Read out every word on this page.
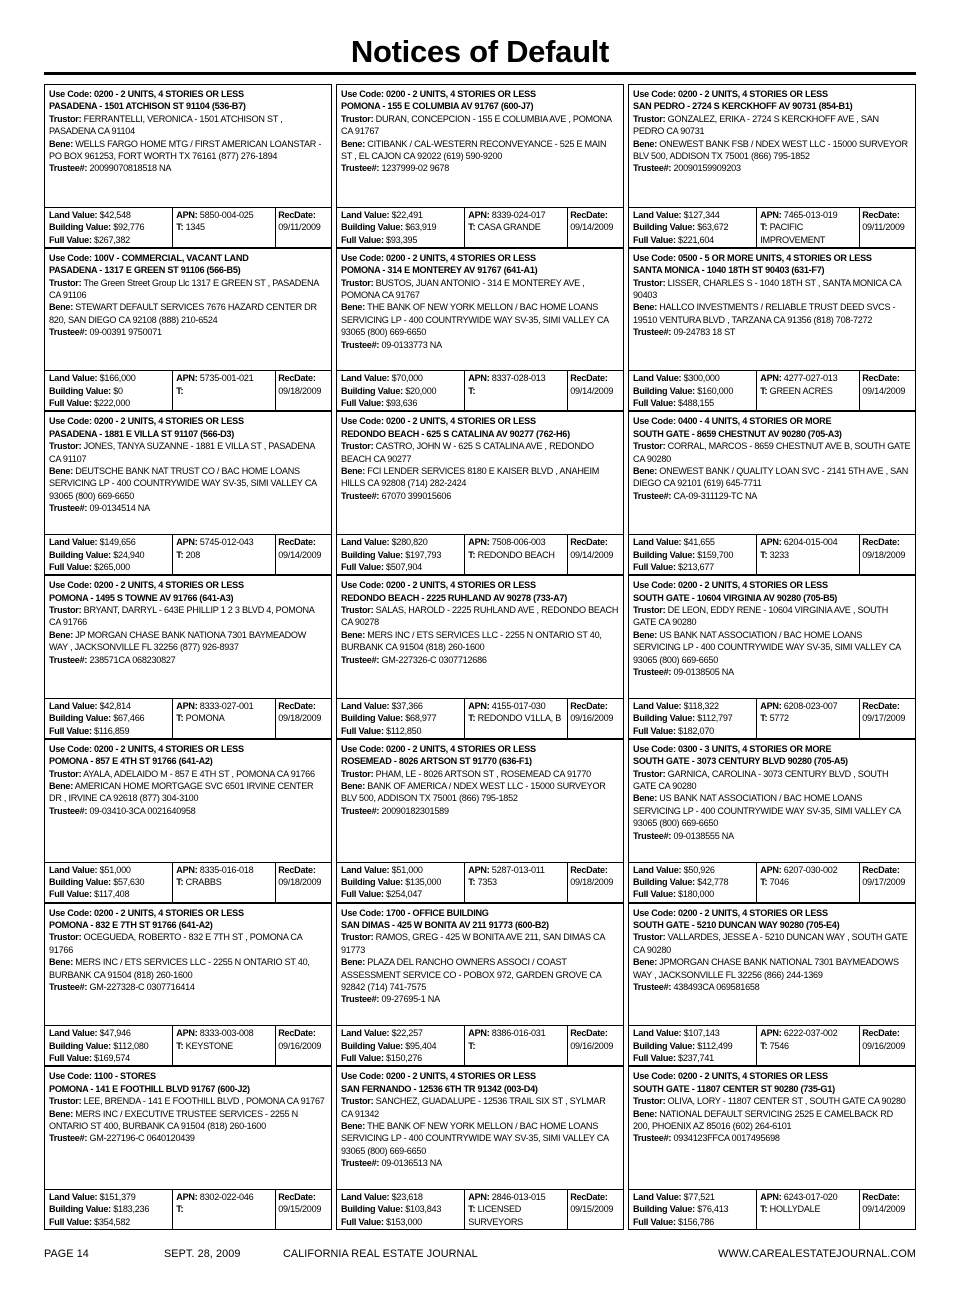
Notices of Default
Use Code: 0200 - 2 UNITS, 4 STORIES OR LESS
PASADENA - 1501 ATCHISON ST 91104 (536-B7)
Trustor: FERRANTELLI, VERONICA - 1501 ATCHISON ST , PASADENA CA 91104
Bene: WELLS FARGO HOME MTG / FIRST AMERICAN LOANSTAR - PO BOX 961253, FORT WORTH TX 76161 (877) 276-1894
Trustee#: 20099070818518 NA
Land Value: $42,548
Building Value: $92,776
Full Value: $267,382
APN: 5850-004-025
T: 1345
RecDate:
09/11/2009
Use Code: 0200 - 2 UNITS, 4 STORIES OR LESS
POMONA - 155 E COLUMBIA AV 91767 (600-J7)
Trustor: DURAN, CONCEPCION - 155 E COLUMBIA AVE , POMONA CA 91767
Bene: CITIBANK / CAL-WESTERN RECONVEYANCE - 525 E MAIN ST , EL CAJON CA 92022 (619) 590-9200
Trustee#: 1237999-02 9678
Land Value: $22,491
Building Value: $63,919
Full Value: $93,395
APN: 8339-024-017
T: CASA GRANDE
RecDate:
09/14/2009
Use Code: 0200 - 2 UNITS, 4 STORIES OR LESS
SAN PEDRO - 2724 S KERCKHOFF AV 90731 (854-B1)
Trustor: GONZALEZ, ERIKA - 2724 S KERCKHOFF AVE , SAN PEDRO CA 90731
Bene: ONEWEST BANK FSB / NDEX WEST LLC - 15000 SURVEYOR BLV 500, ADDISON TX 75001 (866) 795-1852
Trustee#: 20090159909203
Land Value: $127,344
Building Value: $63,672
Full Value: $221,604
APN: 7465-013-019
T: PACIFIC IMPROVEMENT
RecDate:
09/11/2009
Use Code: 100V - COMMERCIAL, VACANT LAND
PASADENA - 1317 E GREEN ST 91106 (566-B5)
Trustor: The Green Street Group Llc 1317 E GREEN ST , PASADENA CA 91106
Bene: STEWART DEFAULT SERVICES 7676 HAZARD CENTER DR 820, SAN DIEGO CA 92108 (888) 210-6524
Trustee#: 09-00391 9750071
Land Value: $166,000
Building Value: $0
Full Value: $222,000
APN: 5735-001-021
T:
RecDate:
09/18/2009
Use Code: 0200 - 2 UNITS, 4 STORIES OR LESS
POMONA - 314 E MONTEREY AV 91767 (641-A1)
Trustor: BUSTOS, JUAN ANTONIO - 314 E MONTEREY AVE , POMONA CA 91767
Bene: THE BANK OF NEW YORK MELLON / BAC HOME LOANS SERVICING LP - 400 COUNTRYWIDE WAY SV-35, SIMI VALLEY CA 93065 (800) 669-6650
Trustee#: 09-0133773 NA
Land Value: $70,000
Building Value: $20,000
Full Value: $93,636
APN: 8337-028-013
T:
RecDate:
09/14/2009
Use Code: 0500 - 5 OR MORE UNITS, 4 STORIES OR LESS
SANTA MONICA - 1040 18TH ST 90403 (631-F7)
Trustor: LISSER, CHARLES S - 1040 18TH ST , SANTA MONICA CA 90403
Bene: HALLCO INVESTMENTS / RELIABLE TRUST DEED SVCS - 19510 VENTURA BLVD , TARZANA CA 91356 (818) 708-7272
Trustee#: 09-24783 18 ST
Land Value: $300,000
Building Value: $160,000
Full Value: $488,155
APN: 4277-027-013
T: GREEN ACRES
RecDate:
09/14/2009
Use Code: 0200 - 2 UNITS, 4 STORIES OR LESS
PASADENA - 1881 E VILLA ST 91107 (566-D3)
Trustor: JONES, TANYA SUZANNE - 1881 E VILLA ST , PASADENA CA 91107
Bene: DEUTSCHE BANK NAT TRUST CO / BAC HOME LOANS SERVICING LP - 400 COUNTRYWIDE WAY SV-35, SIMI VALLEY CA 93065 (800) 669-6650
Trustee#: 09-0134514 NA
Land Value: $149,656
Building Value: $24,940
Full Value: $265,000
APN: 5745-012-043
T: 208
RecDate:
09/14/2009
Use Code: 0200 - 2 UNITS, 4 STORIES OR LESS
REDONDO BEACH - 625 S CATALINA AV 90277 (762-H6)
Trustor: CASTRO, JOHN W - 625 S CATALINA AVE , REDONDO BEACH CA 90277
Bene: FCI LENDER SERVICES 8180 E KAISER BLVD , ANAHEIM HILLS CA 92808 (714) 282-2424
Trustee#: 67070 399015606
Land Value: $280,820
Building Value: $197,793
Full Value: $507,904
APN: 7508-006-003
T: REDONDO BEACH
RecDate:
09/14/2009
Use Code: 0400 - 4 UNITS, 4 STORIES OR MORE
SOUTH GATE - 8659 CHESTNUT AV 90280 (705-A3)
Trustor: CORRAL, MARCOS - 8659 CHESTNUT AVE B, SOUTH GATE CA 90280
Bene: ONEWEST BANK / QUALITY LOAN SVC - 2141 5TH AVE , SAN DIEGO CA 92101 (619) 645-7711
Trustee#: CA-09-311129-TC NA
Land Value: $41,655
Building Value: $159,700
Full Value: $213,677
APN: 6204-015-004
T: 3233
RecDate:
09/18/2009
Use Code: 0200 - 2 UNITS, 4 STORIES OR LESS
POMONA - 1495 S TOWNE AV 91766 (641-A3)
Trustor: BRYANT, DARRYL - 643E PHILLIP 1 2 3 BLVD 4, POMONA CA 91766
Bene: JP MORGAN CHASE BANK NATIONA 7301 BAYMEADOW WAY , JACKSONVILLE FL 32256 (877) 926-8937
Trustee#: 238571CA 068230827
Land Value: $42,814
Building Value: $67,466
Full Value: $116,859
APN: 8333-027-001
T: POMONA
RecDate:
09/18/2009
Use Code: 0200 - 2 UNITS, 4 STORIES OR LESS
REDONDO BEACH - 2225 RUHLAND AV 90278 (733-A7)
Trustor: SALAS, HAROLD - 2225 RUHLAND AVE , REDONDO BEACH CA 90278
Bene: MERS INC / ETS SERVICES LLC - 2255 N ONTARIO ST 40, BURBANK CA 91504 (818) 260-1600
Trustee#: GM-227326-C 0307712686
Land Value: $37,366
Building Value: $68,977
Full Value: $112,850
APN: 4155-017-030
T: REDONDO V1LLA, B
RecDate:
09/16/2009
Use Code: 0200 - 2 UNITS, 4 STORIES OR LESS
SOUTH GATE - 10604 VIRGINIA AV 90280 (705-B5)
Trustor: DE LEON, EDDY RENE - 10604 VIRGINIA AVE , SOUTH GATE CA 90280
Bene: US BANK NAT ASSOCIATION / BAC HOME LOANS SERVICING LP - 400 COUNTRYWIDE WAY SV-35, SIMI VALLEY CA 93065 (800) 669-6650
Trustee#: 09-0138505 NA
Land Value: $118,322
Building Value: $112,797
Full Value: $182,070
APN: 6208-023-007
T: 5772
RecDate:
09/17/2009
Use Code: 0200 - 2 UNITS, 4 STORIES OR LESS
POMONA - 857 E 4TH ST 91766 (641-A2)
Trustor: AYALA, ADELAIDO M - 857 E 4TH ST , POMONA CA 91766
Bene: AMERICAN HOME MORTGAGE SVC 6501 IRVINE CENTER DR , IRVINE CA 92618 (877) 304-3100
Trustee#: 09-03410-3CA 0021640958
Land Value: $51,000
Building Value: $57,630
Full Value: $117,408
APN: 8335-016-018
T: CRABBS
RecDate:
09/18/2009
Use Code: 0200 - 2 UNITS, 4 STORIES OR LESS
ROSEMEAD - 8026 ARTSON ST 91770 (636-F1)
Trustor: PHAM, LE - 8026 ARTSON ST , ROSEMEAD CA 91770
Bene: BANK OF AMERICA / NDEX WEST LLC - 15000 SURVEYOR BLV 500, ADDISON TX 75001 (866) 795-1852
Trustee#: 20090182301589
Land Value: $51,000
Building Value: $135,000
Full Value: $254,047
APN: 5287-013-011
T: 7353
RecDate:
09/18/2009
Use Code: 0300 - 3 UNITS, 4 STORIES OR MORE
SOUTH GATE - 3073 CENTURY BLVD 90280 (705-A5)
Trustor: GARNICA, CAROLINA - 3073 CENTURY BLVD , SOUTH GATE CA 90280
Bene: US BANK NAT ASSOCIATION / BAC HOME LOANS SERVICING LP - 400 COUNTRYWIDE WAY SV-35, SIMI VALLEY CA 93065 (800) 669-6650
Trustee#: 09-0138555 NA
Land Value: $50,926
Building Value: $42,778
Full Value: $180,000
APN: 6207-030-002
T: 7046
RecDate:
09/17/2009
Use Code: 0200 - 2 UNITS, 4 STORIES OR LESS
POMONA - 832 E 7TH ST 91766 (641-A2)
Trustor: OCEGUEDA, ROBERTO - 832 E 7TH ST , POMONA CA 91766
Bene: MERS INC / ETS SERVICES LLC - 2255 N ONTARIO ST 40, BURBANK CA 91504 (818) 260-1600
Trustee#: GM-227328-C 0307716414
Land Value: $47,946
Building Value: $112,080
Full Value: $169,574
APN: 8333-003-008
T: KEYSTONE
RecDate:
09/16/2009
Use Code: 1700 - OFFICE BUILDING
SAN DIMAS - 425 W BONITA AV 211 91773 (600-B2)
Trustor: RAMOS, GREG - 425 W BONITA AVE 211, SAN DIMAS CA 91773
Bene: PLAZA DEL RANCHO OWNERS ASSOCI / COAST ASSESSMENT SERVICE CO - POBOX 972, GARDEN GROVE CA 92842 (714) 741-7575
Trustee#: 09-27695-1 NA
Land Value: $22,257
Building Value: $95,404
Full Value: $150,276
APN: 8386-016-031
T:
RecDate:
09/16/2009
Use Code: 0200 - 2 UNITS, 4 STORIES OR LESS
SOUTH GATE - 5210 DUNCAN WAY 90280 (705-E4)
Trustor: VALLARDES, JESSE A - 5210 DUNCAN WAY , SOUTH GATE CA 90280
Bene: JPMORGAN CHASE BANK NATIONAL 7301 BAYMEADOWS WAY , JACKSONVILLE FL 32256 (866) 244-1369
Trustee#: 438493CA 069581658
Land Value: $107,143
Building Value: $112,499
Full Value: $237,741
APN: 6222-037-002
T: 7546
RecDate:
09/16/2009
Use Code: 1100 - STORES
POMONA - 141 E FOOTHILL BLVD 91767 (600-J2)
Trustor: LEE, BRENDA - 141 E FOOTHILL BLVD , POMONA CA 91767
Bene: MERS INC / EXECUTIVE TRUSTEE SERVICES - 2255 N ONTARIO ST 400, BURBANK CA 91504 (818) 260-1600
Trustee#: GM-227196-C 0640120439
Land Value: $151,379
Building Value: $183,236
Full Value: $354,582
APN: 8302-022-046
T:
RecDate:
09/15/2009
Use Code: 0200 - 2 UNITS, 4 STORIES OR LESS
SAN FERNANDO - 12536 6TH TR 91342 (003-D4)
Trustor: SANCHEZ, GUADALUPE - 12536 TRAIL SIX ST , SYLMAR CA 91342
Bene: THE BANK OF NEW YORK MELLON / BAC HOME LOANS SERVICING LP - 400 COUNTRYWIDE WAY SV-35, SIMI VALLEY CA 93065 (800) 669-6650
Trustee#: 09-0136513 NA
Land Value: $23,618
Building Value: $103,843
Full Value: $153,000
APN: 2846-013-015
T: LICENSED SURVEYORS
RecDate:
09/15/2009
Use Code: 0200 - 2 UNITS, 4 STORIES OR LESS
SOUTH GATE - 11807 CENTER ST 90280 (735-G1)
Trustor: OLIVA, LORY - 11807 CENTER ST , SOUTH GATE CA 90280
Bene: NATIONAL DEFAULT SERVICING 2525 E CAMELBACK RD 200, PHOENIX AZ 85016 (602) 264-6101
Trustee#: 0934123FFCA 0017495698
Land Value: $77,521
Building Value: $76,413
Full Value: $156,786
APN: 6243-017-020
T: HOLLYDALE
RecDate:
09/14/2009
PAGE 14	SEPT. 28, 2009	CALIFORNIA REAL ESTATE JOURNAL	WWW.CAREALESTATEJOURNAL.COM
